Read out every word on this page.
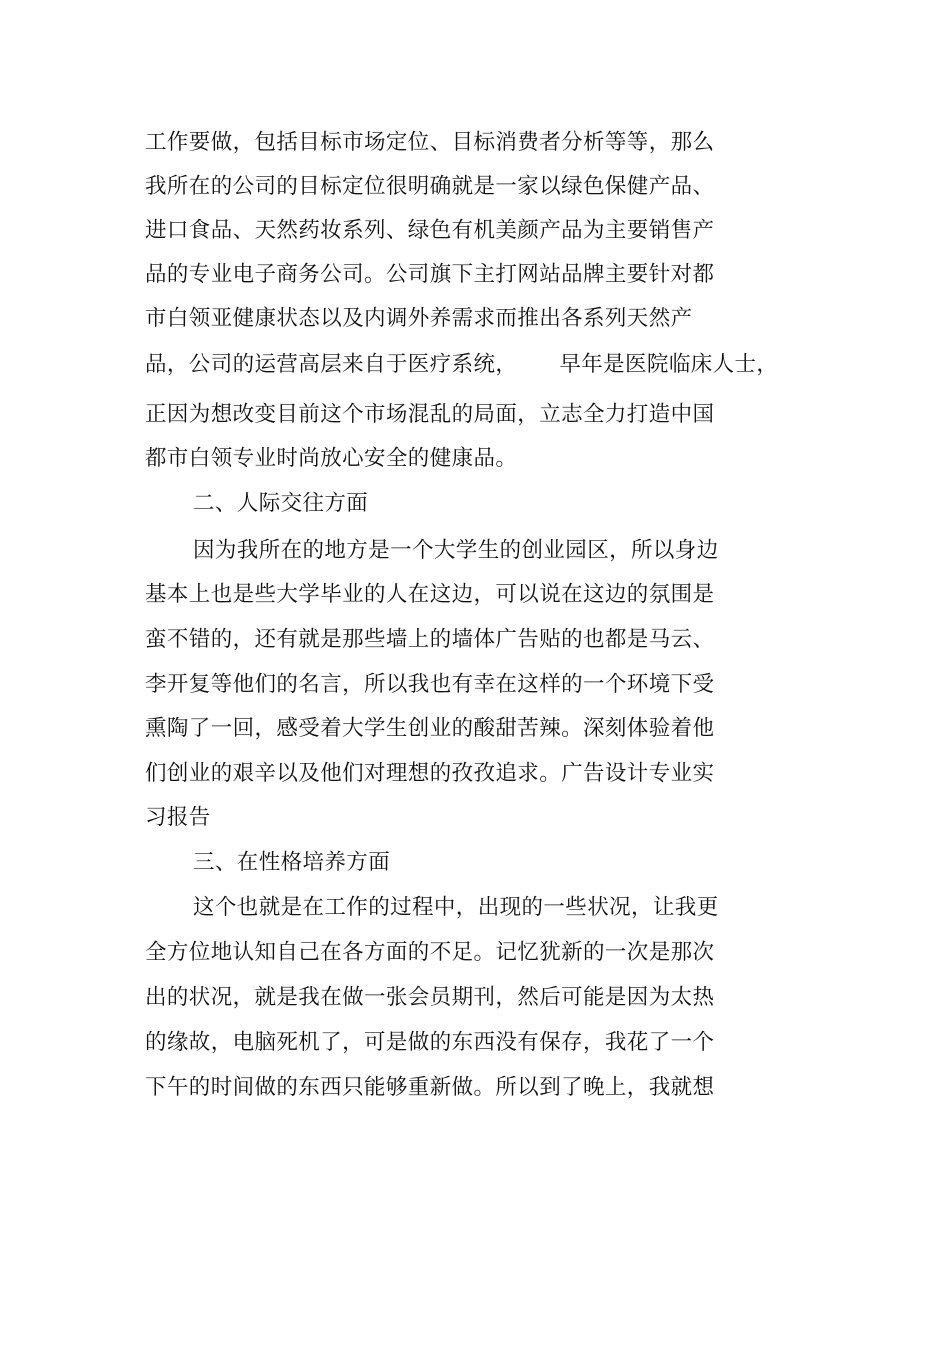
工作要做，包括目标市场定位、目标消费者分析等等，那么
我所在的公司的目标定位很明确就是一家以绿色保健产品、
进口食品、天然药妆系列、绿色有机美颜产品为主要销售产
品的专业电子商务公司。公司旗下主打网站品牌主要针对都
市白领亚健康状态以及内调外养需求而推出各系列天然产
品，公司的运营高层来自于医疗系统， 早年是医院临床人士，
正因为想改变目前这个市场混乱的局面，立志全力打造中国
都市白领专业时尚放心安全的健康品。
二、人际交往方面
因为我所在的地方是一个大学生的创业园区，所以身边
基本上也是些大学毕业的人在这边，可以说在这边的氛围是
蛮不错的，还有就是那些墙上的墙体广告贴的也都是马云、
李开复等他们的名言，所以我也有幸在这样的一个环境下受
熏陶了一回，感受着大学生创业的酸甜苦辣。深刻体验着他
们创业的艰辛以及他们对理想的孜孜追求。广告设计专业实
习报告
三、在性格培养方面
这个也就是在工作的过程中，出现的一些状况，让我更
全方位地认知自己在各方面的不足。记忆犹新的一次是那次
出的状况，就是我在做一张会员期刊，然后可能是因为太热
的缘故，电脑死机了，可是做的东西没有保存，我花了一个
下午的时间做的东西只能够重新做。所以到了晚上，我就想
